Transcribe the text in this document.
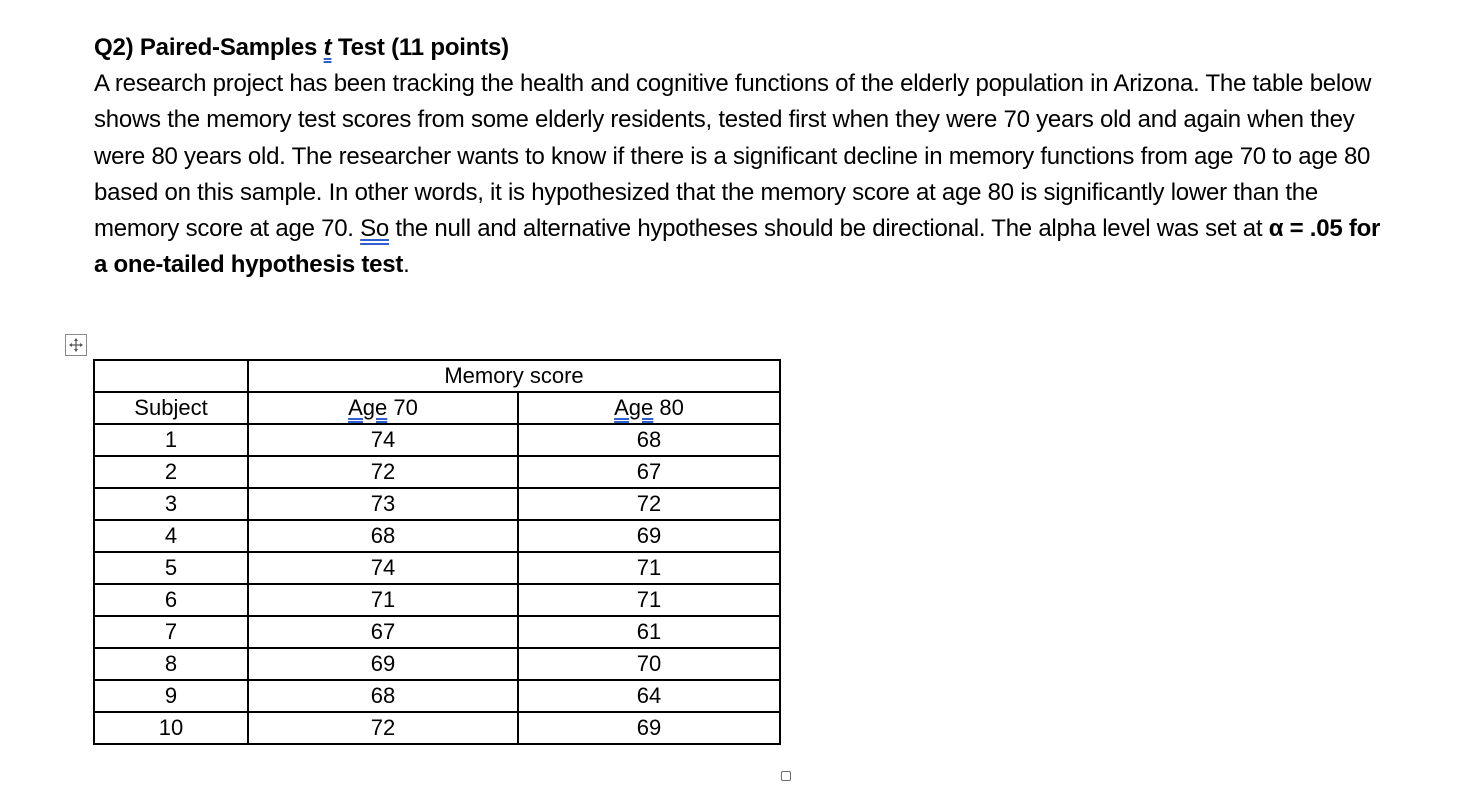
Q2) Paired-Samples t Test (11 points)

A research project has been tracking the health and cognitive functions of the elderly population in Arizona. The table below shows the memory test scores from some elderly residents, tested first when they were 70 years old and again when they were 80 years old. The researcher wants to know if there is a significant decline in memory functions from age 70 to age 80 based on this sample. In other words, it is hypothesized that the memory score at age 80 is significantly lower than the memory score at age 70. So the null and alternative hypotheses should be directional. The alpha level was set at α = .05 for a one-tailed hypothesis test.

	Memory score	
Subject	Age 70	Age 80
1	74	68
2	72	67
3	73	72
4	68	69
5	74	71
6	71	71
7	67	61
8	69	70
9	68	64
10	72	69
